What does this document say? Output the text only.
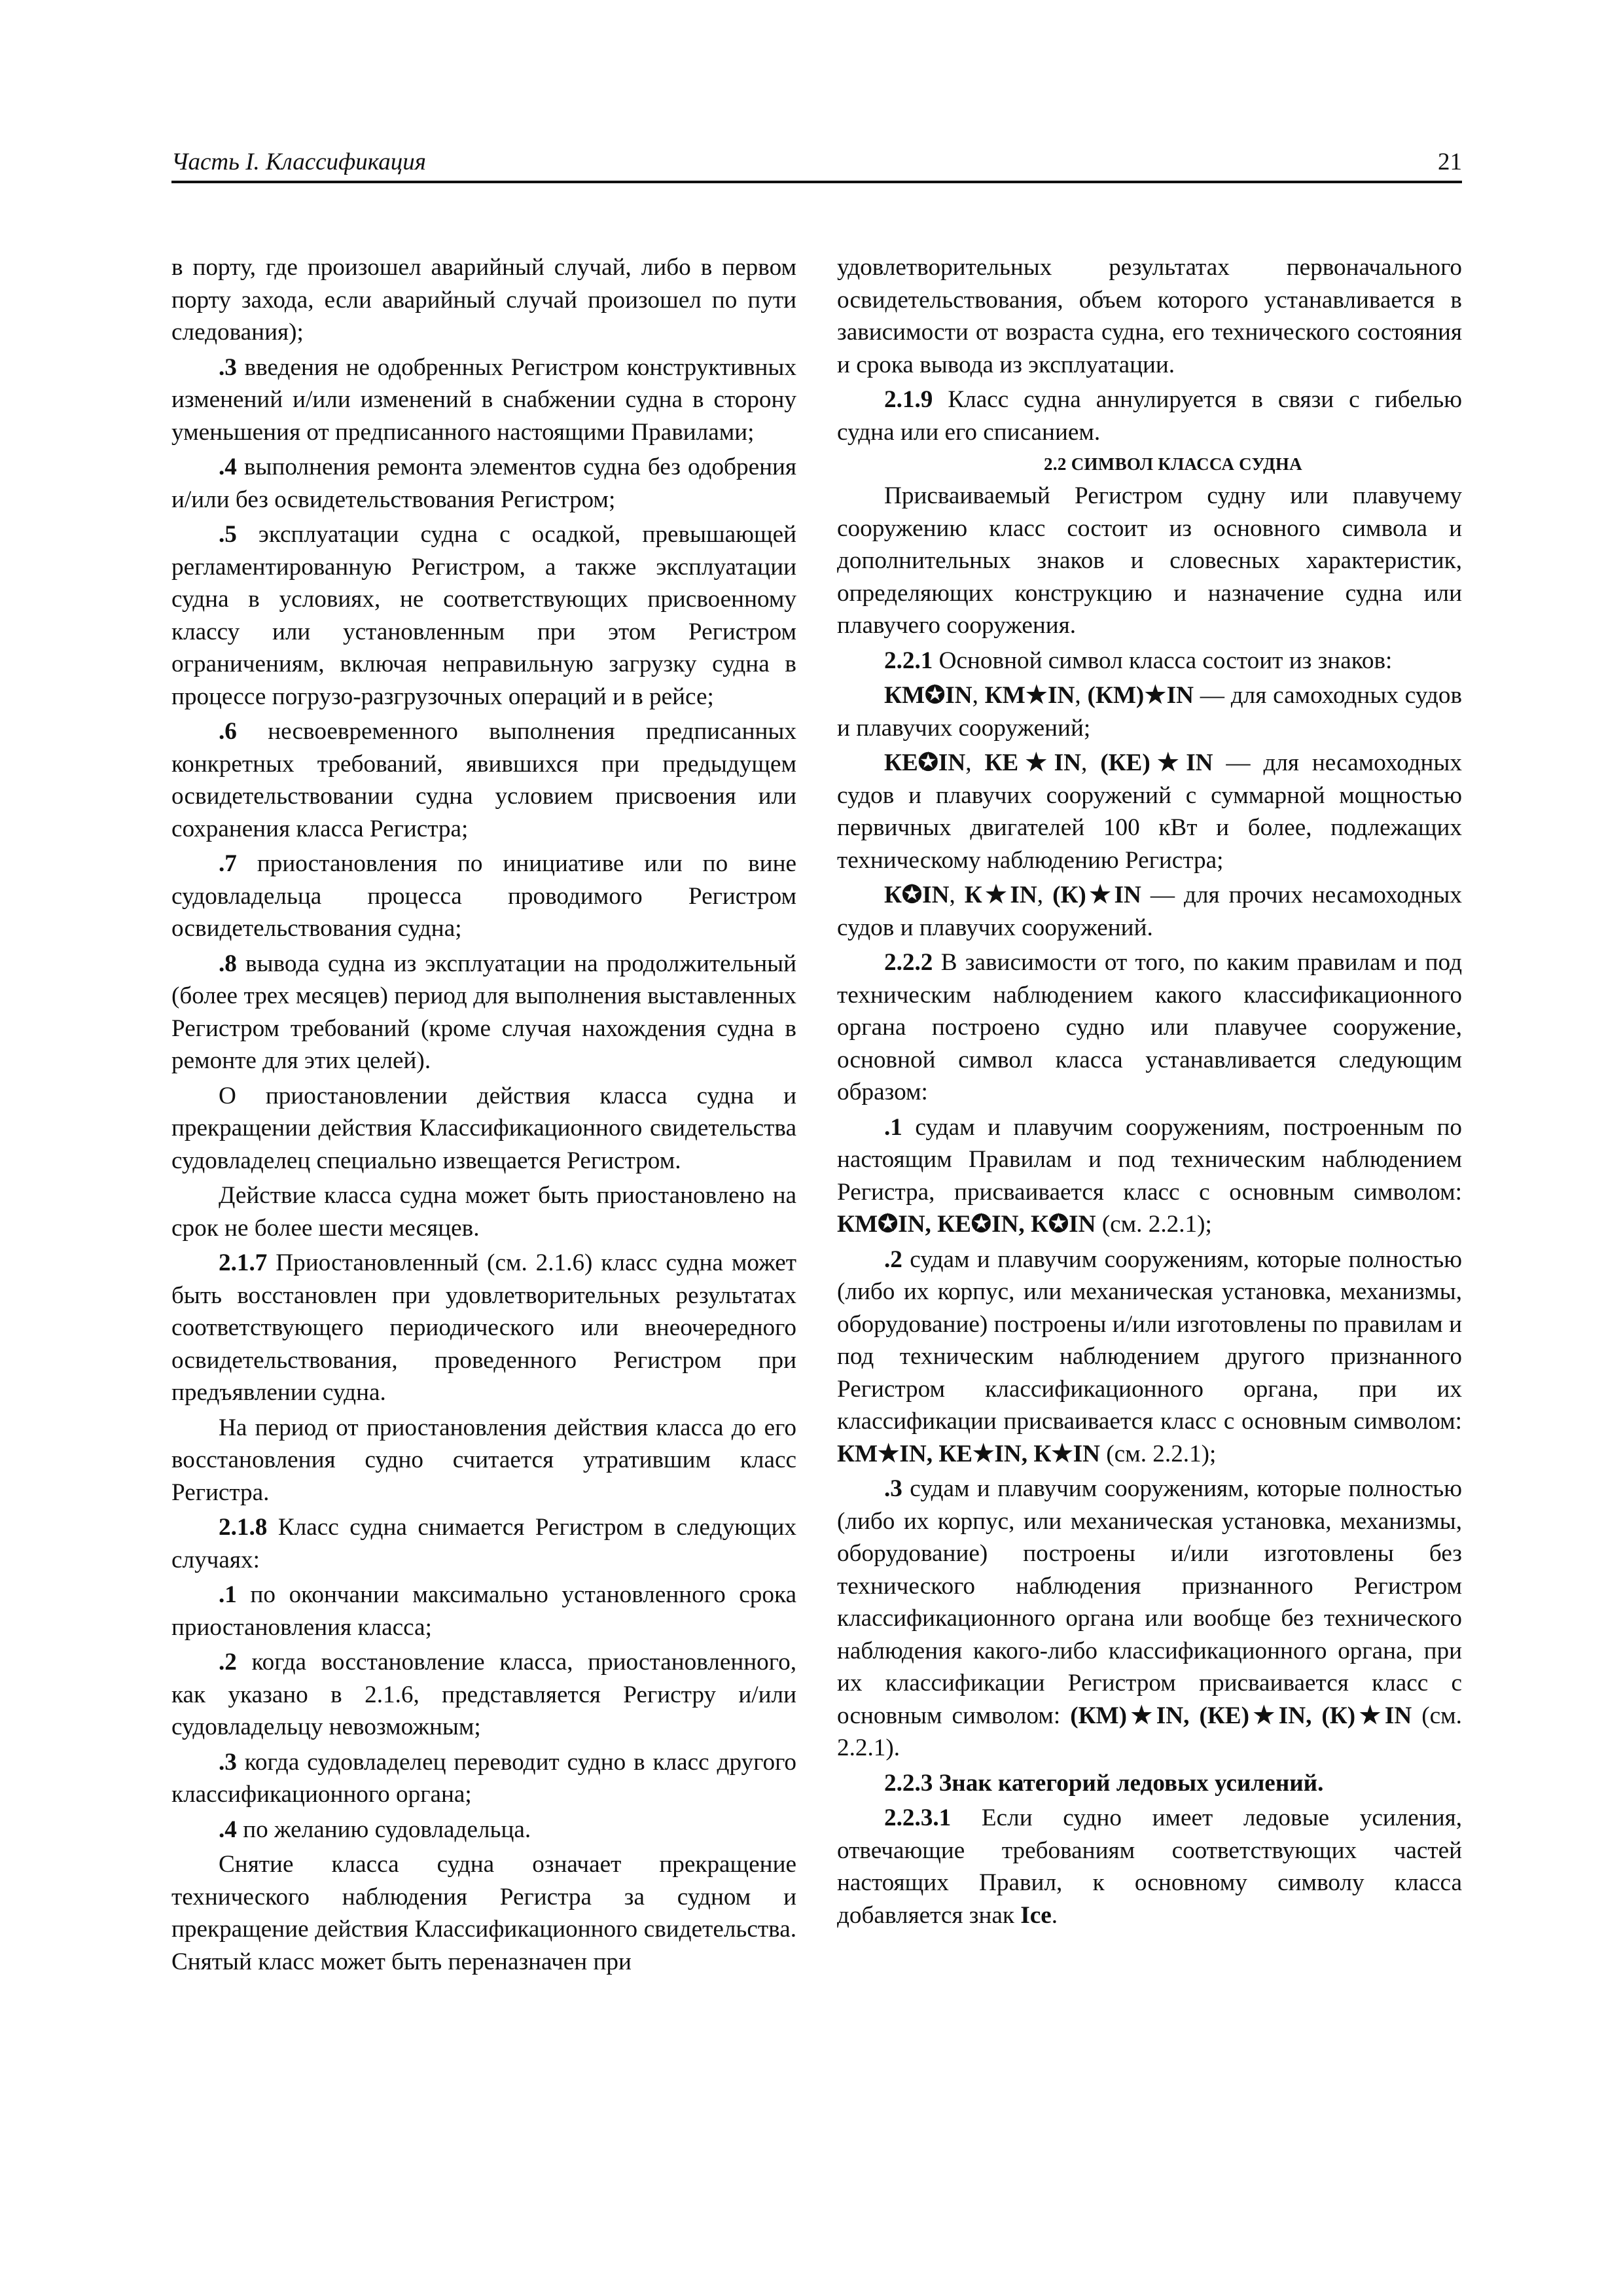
Часть I. Классификация	21

в порту, где произошел аварийный случай, либо в первом порту захода, если аварийный случай произошел по пути следования);

.3 введения не одобренных Регистром конструктивных изменений и/или изменений в снабжении судна в сторону уменьшения от предписанного настоящими Правилами;

.4 выполнения ремонта элементов судна без одобрения и/или без освидетельствования Регистром;

.5 эксплуатации судна с осадкой, превышающей регламентированную Регистром, а также эксплуатации судна в условиях, не соответствующих присвоенному классу или установленным при этом Регистром ограничениям, включая неправильную загрузку судна в процессе погрузо-разгрузочных операций и в рейсе;

.6 несвоевременного выполнения предписанных конкретных требований, явившихся при предыдущем освидетельствовании судна условием присвоения или сохранения класса Регистра;

.7 приостановления по инициативе или по вине судовладельца процесса проводимого Регистром освидетельствования судна;

.8 вывода судна из эксплуатации на продолжительный (более трех месяцев) период для выполнения выставленных Регистром требований (кроме случая нахождения судна в ремонте для этих целей).

О приостановлении действия класса судна и прекращении действия Классификационного свидетельства судовладелец специально извещается Регистром.

Действие класса судна может быть приостановлено на срок не более шести месяцев.

2.1.7 Приостановленный (см. 2.1.6) класс судна может быть восстановлен при удовлетворительных результатах соответствующего периодического или внеочередного освидетельствования, проведенного Регистром при предъявлении судна.

На период от приостановления действия класса до его восстановления судно считается утратившим класс Регистра.

2.1.8 Класс судна снимается Регистром в следующих случаях:

.1 по окончании максимально установленного срока приостановления класса;

.2 когда восстановление класса, приостановленного, как указано в 2.1.6, представляется Регистру и/или судовладельцу невозможным;

.3 когда судовладелец переводит судно в класс другого классификационного органа;

.4 по желанию судовладельца.

Снятие класса судна означает прекращение технического наблюдения Регистра за судном и прекращение действия Классификационного свидетельства. Снятый класс может быть переназначен при

удовлетворительных результатах первоначального освидетельствования, объем которого устанавливается в зависимости от возраста судна, его технического состояния и срока вывода из эксплуатации.

2.1.9 Класс судна аннулируется в связи с гибелью судна или его списанием.

2.2 СИМВОЛ КЛАССА СУДНА

Присваиваемый Регистром судну или плавучему сооружению класс состоит из основного символа и дополнительных знаков и словесных характеристик, определяющих конструкцию и назначение судна или плавучего сооружения.

2.2.1 Основной символ класса состоит из знаков:

КМ✪IN, КМ★IN, (КМ)★IN — для самоходных судов и плавучих сооружений;

КЕ✪IN, КЕ★IN, (КЕ)★IN — для несамоходных судов и плавучих сооружений с суммарной мощностью первичных двигателей 100 кВт и более, подлежащих техническому наблюдению Регистра;

К✪IN, К★IN, (К)★IN — для прочих несамоходных судов и плавучих сооружений.

2.2.2 В зависимости от того, по каким правилам и под техническим наблюдением какого классификационного органа построено судно или плавучее сооружение, основной символ класса устанавливается следующим образом:

.1 судам и плавучим сооружениям, построенным по настоящим Правилам и под техническим наблюдением Регистра, присваивается класс с основным символом: КМ✪IN, КЕ✪IN, К✪IN (см. 2.2.1);

.2 судам и плавучим сооружениям, которые полностью (либо их корпус, или механическая установка, механизмы, оборудование) построены и/или изготовлены по правилам и под техническим наблюдением другого признанного Регистром классификационного органа, при их классификации присваивается класс с основным символом: КМ★IN, КЕ★IN, К★IN (см. 2.2.1);

.3 судам и плавучим сооружениям, которые полностью (либо их корпус, или механическая установка, механизмы, оборудование) построены и/или изготовлены без технического наблюдения признанного Регистром классификационного органа или вообще без технического наблюдения какого-либо классификационного органа, при их классификации Регистром присваивается класс с основным символом: (КМ)★IN, (КЕ)★IN, (К)★IN (см. 2.2.1).

2.2.3 Знак категорий ледовых усилений.

2.2.3.1 Если судно имеет ледовые усиления, отвечающие требованиям соответствующих частей настоящих Правил, к основному символу класса добавляется знак Ice.
